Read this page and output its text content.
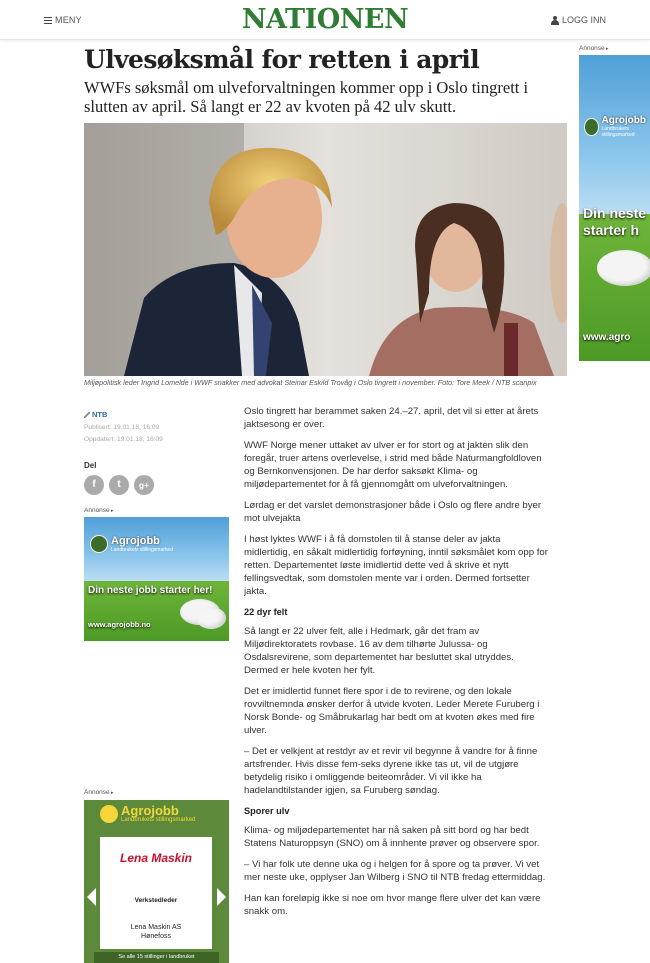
MENY	NATIONEN	LOGG INN
Ulvesøksmål for retten i april
WWFs søksmål om ulveforvaltningen kommer opp i Oslo tingrett i slutten av april. Så langt er 22 av kvoten på 42 ulv skutt.
Miljøpolitisk leder Ingrid Lomelde i WWF snakker med advokat Steinar Eskild Trovåg i Oslo tingrett i november. Foto: Tore Meek / NTB scanpix
NTB
Publisert: 19.01.18, 16:09
Oppdatert: 19.01.18, 16:09
Del
f	t	g+
Annonse ▸
Agrojobb
Landbrukets stillingsmarked
Din neste jobb starter her!
www.agrojobb.no
Annonse ▸
Agrojobb
Landbrukets stillingsmarked
Lena Maskin
Verkstedleder
Lena Maskin AS
Hønefoss
Se alle 15 stillinger i landbruket
Annonse ▸
Agrojobb
Landbrukets stillingsmarked
Din neste starter h
www.agro

Oslo tingrett har berammet saken 24.–27. april, det vil si etter at årets jaktsesong er over.

WWF Norge mener uttaket av ulver er for stort og at jakten slik den foregår, truer artens overlevelse, i strid med både Naturmangfoldloven og Bernkonvensjonen. De har derfor saksøkt Klima- og miljødepartementet for å få gjennomgått om ulveforvaltningen.

Lørdag er det varslet demonstrasjoner både i Oslo og flere andre byer mot ulvejakta

I høst lyktes WWF i å få domstolen til å stanse deler av jakta midlertidig, en såkalt midlertidig forføyning, inntil søksmålet kom opp for retten. Departementet løste imidlertid dette ved å skrive et nytt fellingsvedtak, som domstolen mente var i orden. Dermed fortsetter jakta.

22 dyr felt

Så langt er 22 ulver felt, alle i Hedmark, går det fram av Miljødirektoratets rovbase. 16 av dem tilhørte Julussa- og Osdalsrevirene, som departementet har besluttet skal utryddes. Dermed er hele kvoten her fylt.

Det er imidlertid funnet flere spor i de to revirene, og den lokale rovviltnemnda ønsker derfor å utvide kvoten. Leder Merete Furuberg i Norsk Bonde- og Småbrukarlag har bedt om at kvoten økes med fire ulver.

– Det er velkjent at restdyr av et revir vil begynne å vandre for å finne artsfrender. Hvis disse fem-seks dyrene ikke tas ut, vil de utgjøre betydelig risiko i omliggende beiteområder. Vi vil ikke ha hadelandtilstander igjen, sa Furuberg søndag.

Sporer ulv

Klima- og miljødepartementet har nå saken på sitt bord og har bedt Statens Naturoppsyn (SNO) om å innhente prøver og observere spor.

– Vi har folk ute denne uka og i helgen for å spore og ta prøver. Vi vet mer neste uke, opplyser Jan Wilberg i SNO til NTB fredag ettermiddag.

Han kan foreløpig ikke si noe om hvor mange flere ulver det kan være snakk om.
